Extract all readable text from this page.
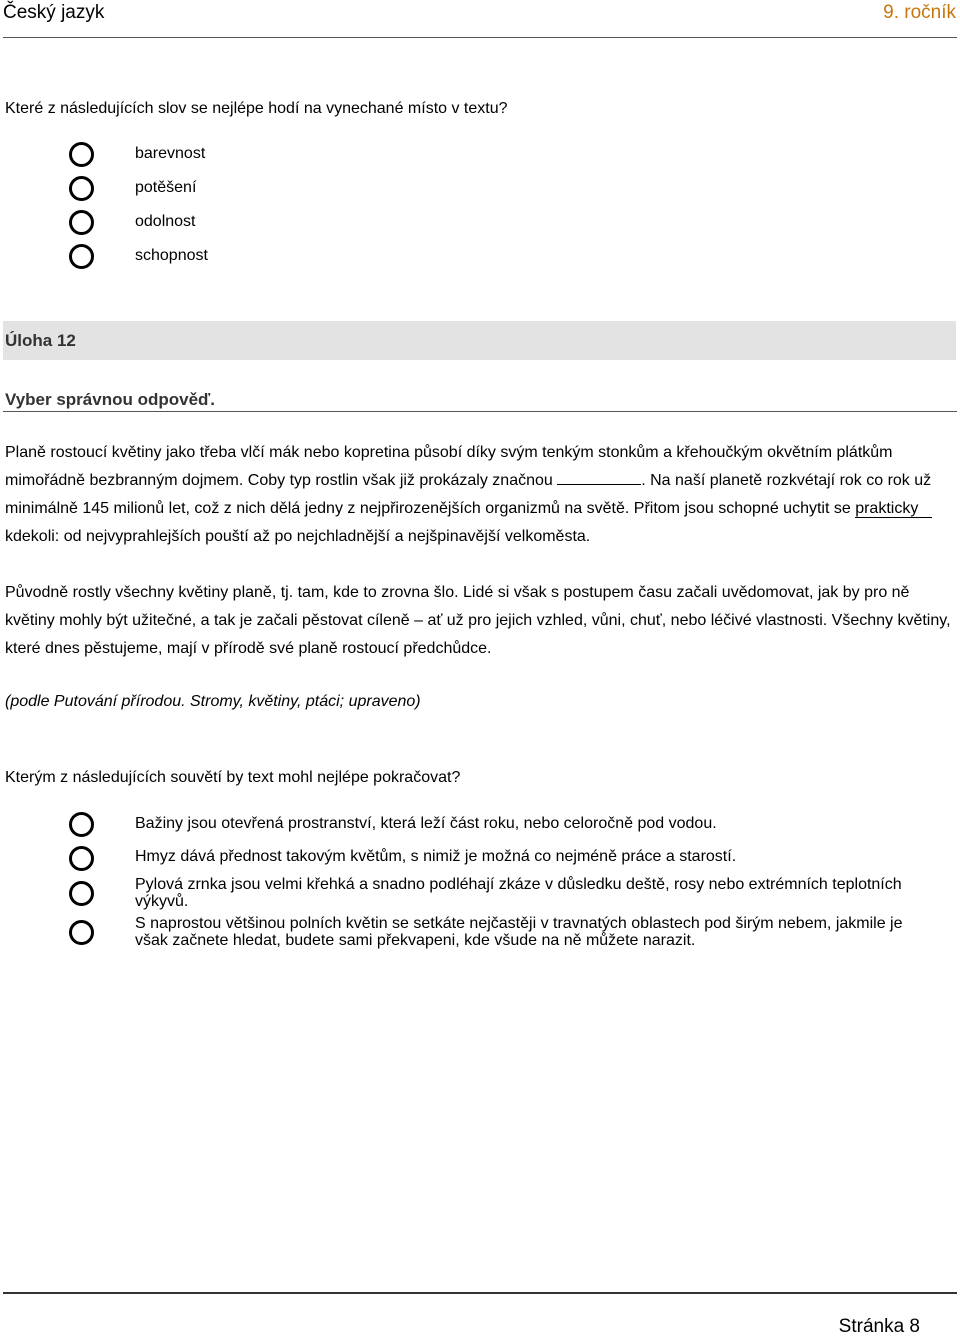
Český jazyk	9. ročník
Které z následujících slov se nejlépe hodí na vynechané místo v textu?
barevnost
potěšení
odolnost
schopnost
Úloha 12
Vyber správnou odpověď.
Planě rostoucí květiny jako třeba vlčí mák nebo kopretina působí díky svým tenkým stonkům a křehoučkým okvětním plátkům mimořádně bezbranným dojmem. Coby typ rostlin však již prokázaly značnou	. Na naší planetě rozkvétají rok co rok už minimálně 145 milionů let, což z nich dělá jedny z nejpřirozenějších organizmů na světě. Přitom jsou schopné uchytit se prakticky kdekoli: od nejvyprahlejších pouští až po nejchladnější a nejšpinavější velkoměsta.
Původně rostly všechny květiny planě, tj. tam, kde to zrovna šlo. Lidé si však s postupem času začali uvědomovat, jak by pro ně květiny mohly být užitečné, a tak je začali pěstovat cíleně – ať už pro jejich vzhled, vůni, chuť, nebo léčivé vlastnosti. Všechny květiny, které dnes pěstujeme, mají v přírodě své planě rostoucí předchůdce.
(podle Putování přírodou. Stromy, květiny, ptáci; upraveno)
Kterým z následujících souvětí by text mohl nejlépe pokračovat?
Bažiny jsou otevřená prostranství, která leží část roku, nebo celoročně pod vodou.
Hmyz dává přednost takovým květům, s nimiž je možná co nejméně práce a starostí.
Pylová zrnka jsou velmi křehká a snadno podléhají zkáze v důsledku deště, rosy nebo extrémních teplotních výkyvů.
S naprostou většinou polních květin se setkáte nejčastěji v travnatých oblastech pod širým nebem, jakmile je však začnete hledat, budete sami překvapeni, kde všude na ně můžete narazit.
Stránka 8
